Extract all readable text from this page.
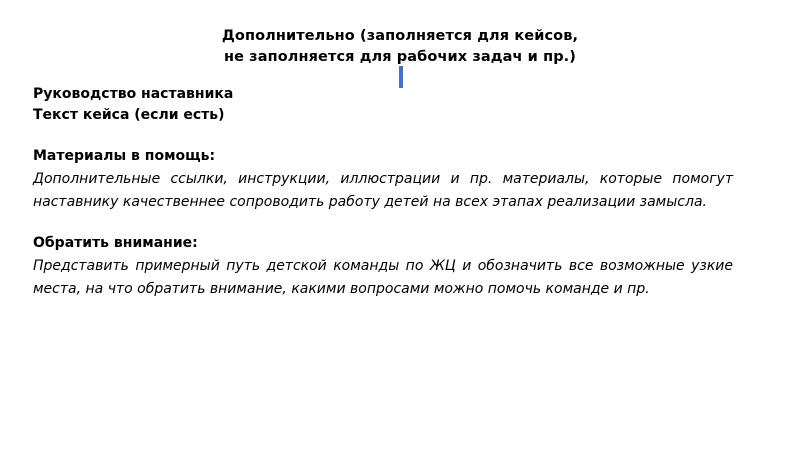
Дополнительно (заполняется для кейсов,
не заполняется для рабочих задач и пр.)
Руководство наставника
Текст кейса (если есть)
Материалы в помощь:
Дополнительные ссылки, инструкции, иллюстрации и пр. материалы, которые помогут наставнику качественнее сопроводить работу детей на всех этапах реализации замысла.
Обратить внимание:
Представить примерный путь детской команды по ЖЦ и обозначить все возможные узкие места, на что обратить внимание, какими вопросами можно помочь команде и пр.
